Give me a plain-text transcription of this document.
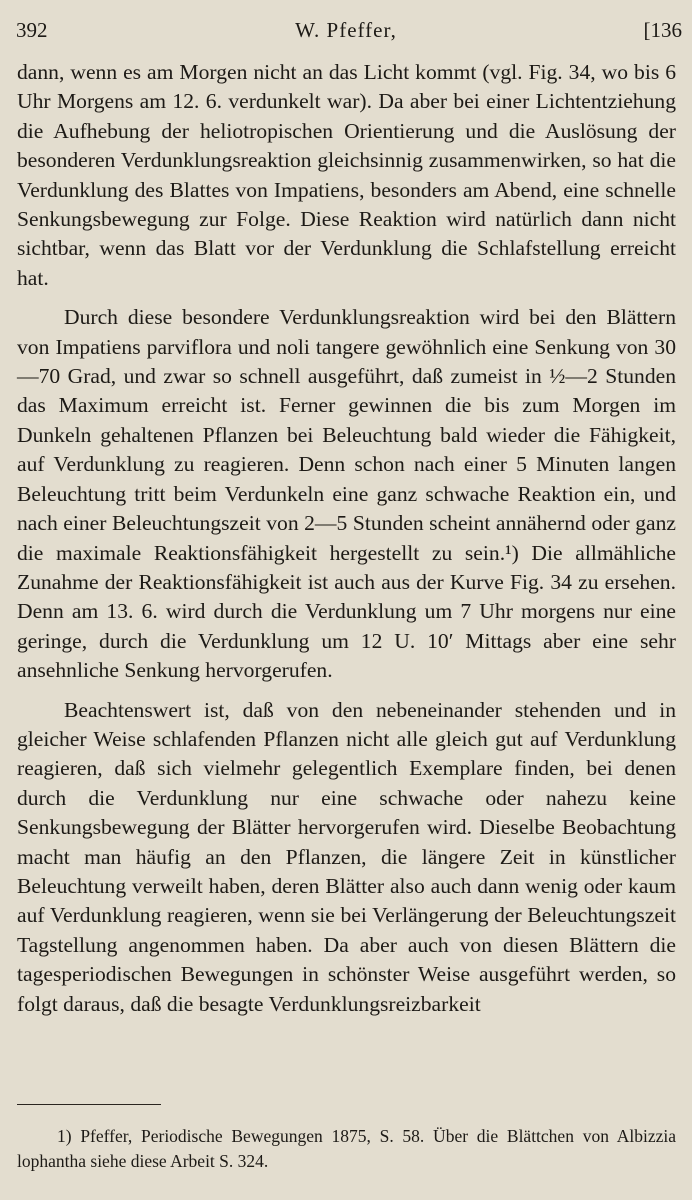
392	W. Pfeffer,	[136

dann, wenn es am Morgen nicht an das Licht kommt (vgl. Fig. 34, wo bis 6 Uhr Morgens am 12. 6. verdunkelt war). Da aber bei einer Lichtentziehung die Aufhebung der heliotropischen Orientierung und die Auslösung der besonderen Verdunklungsreaktion gleichsinnig zusammenwirken, so hat die Verdunklung des Blattes von Impatiens, besonders am Abend, eine schnelle Senkungsbewegung zur Folge. Diese Reaktion wird natürlich dann nicht sichtbar, wenn das Blatt vor der Verdunklung die Schlafstellung erreicht hat.

Durch diese besondere Verdunklungsreaktion wird bei den Blättern von Impatiens parviflora und noli tangere gewöhnlich eine Senkung von 30—70 Grad, und zwar so schnell ausgeführt, daß zumeist in ½—2 Stunden das Maximum erreicht ist. Ferner gewinnen die bis zum Morgen im Dunkeln gehaltenen Pflanzen bei Beleuchtung bald wieder die Fähigkeit, auf Verdunklung zu reagieren. Denn schon nach einer 5 Minuten langen Beleuchtung tritt beim Verdunkeln eine ganz schwache Reaktion ein, und nach einer Beleuchtungszeit von 2—5 Stunden scheint annähernd oder ganz die maximale Reaktionsfähigkeit hergestellt zu sein.¹) Die allmähliche Zunahme der Reaktionsfähigkeit ist auch aus der Kurve Fig. 34 zu ersehen. Denn am 13. 6. wird durch die Verdunklung um 7 Uhr morgens nur eine geringe, durch die Verdunklung um 12 U. 10′ Mittags aber eine sehr ansehnliche Senkung hervorgerufen.

Beachtenswert ist, daß von den nebeneinander stehenden und in gleicher Weise schlafenden Pflanzen nicht alle gleich gut auf Verdunklung reagieren, daß sich vielmehr gelegentlich Exemplare finden, bei denen durch die Verdunklung nur eine schwache oder nahezu keine Senkungsbewegung der Blätter hervorgerufen wird. Dieselbe Beobachtung macht man häufig an den Pflanzen, die längere Zeit in künstlicher Beleuchtung verweilt haben, deren Blätter also auch dann wenig oder kaum auf Verdunklung reagieren, wenn sie bei Verlängerung der Beleuchtungszeit Tagstellung angenommen haben. Da aber auch von diesen Blättern die tagesperiodischen Bewegungen in schönster Weise ausgeführt werden, so folgt daraus, daß die besagte Verdunklungsreizbarkeit

1) Pfeffer, Periodische Bewegungen 1875, S. 58. Über die Blättchen von Albizzia lophantha siehe diese Arbeit S. 324.
